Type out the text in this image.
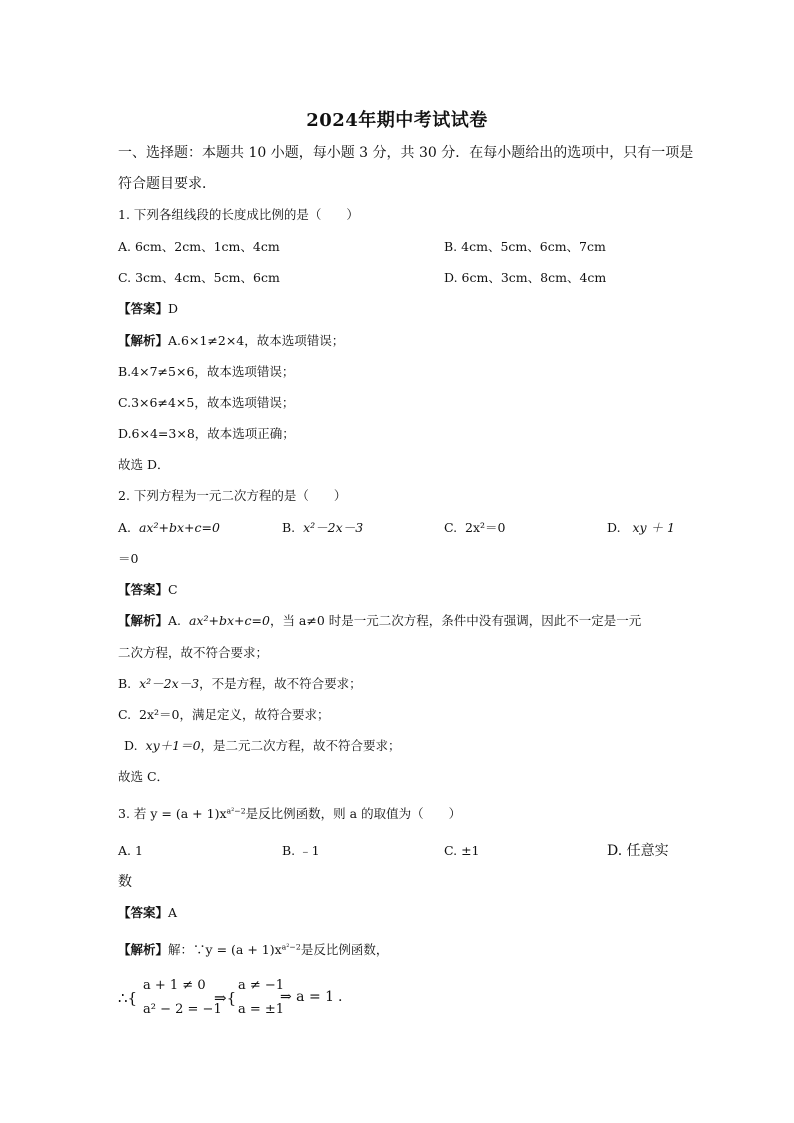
2024年期中考试试卷
一、选择题：本题共 10 小题，每小题 3 分，共 30 分．在每小题给出的选项中，只有一项是
符合题目要求．
1. 下列各组线段的长度成比例的是（　　）
A. 6cm、2cm、1cm、4cm	B. 4cm、5cm、6cm、7cm
C. 3cm、4cm、5cm、6cm	D. 6cm、3cm、8cm、4cm
【答案】D
【解析】A.6×1≠2×4，故本选项错误；
B.4×7≠5×6，故本选项错误；
C.3×6≠4×5，故本选项错误；
D.6×4=3×8，故本选项正确；
故选 D．
2. 下列方程为一元二次方程的是（　　）
A. ax²+bx+c=0	B. x²－2x－3	C. 2x²＝0	D. xy ＋ 1
＝0
【答案】C
【解析】A. ax²+bx+c=0，当 a≠0 时是一元二次方程，条件中没有强调，因此不一定是一元
二次方程，故不符合要求；
B. x²－2x－3，不是方程，故不符合要求；
C. 2x²＝0，满足定义，故符合要求；
D. xy＋1＝0，是二元二次方程，故不符合要求；
故选 C．
3. 若 $y = (a + 1)x^{a^2-2}$是反比例函数，则 a 的取值为（　　）
A. 1	B. ﹣1	C. ±1	D. 任意实
数
【答案】A
【解析】解：∵y = $(a + 1)x^{a^2-2}$是反比例函数，
∴{
a + 1 ≠ 0
a² − 2 = −1
⇒{
a ≠ −1
a = ±1
⇒ a = 1 .
